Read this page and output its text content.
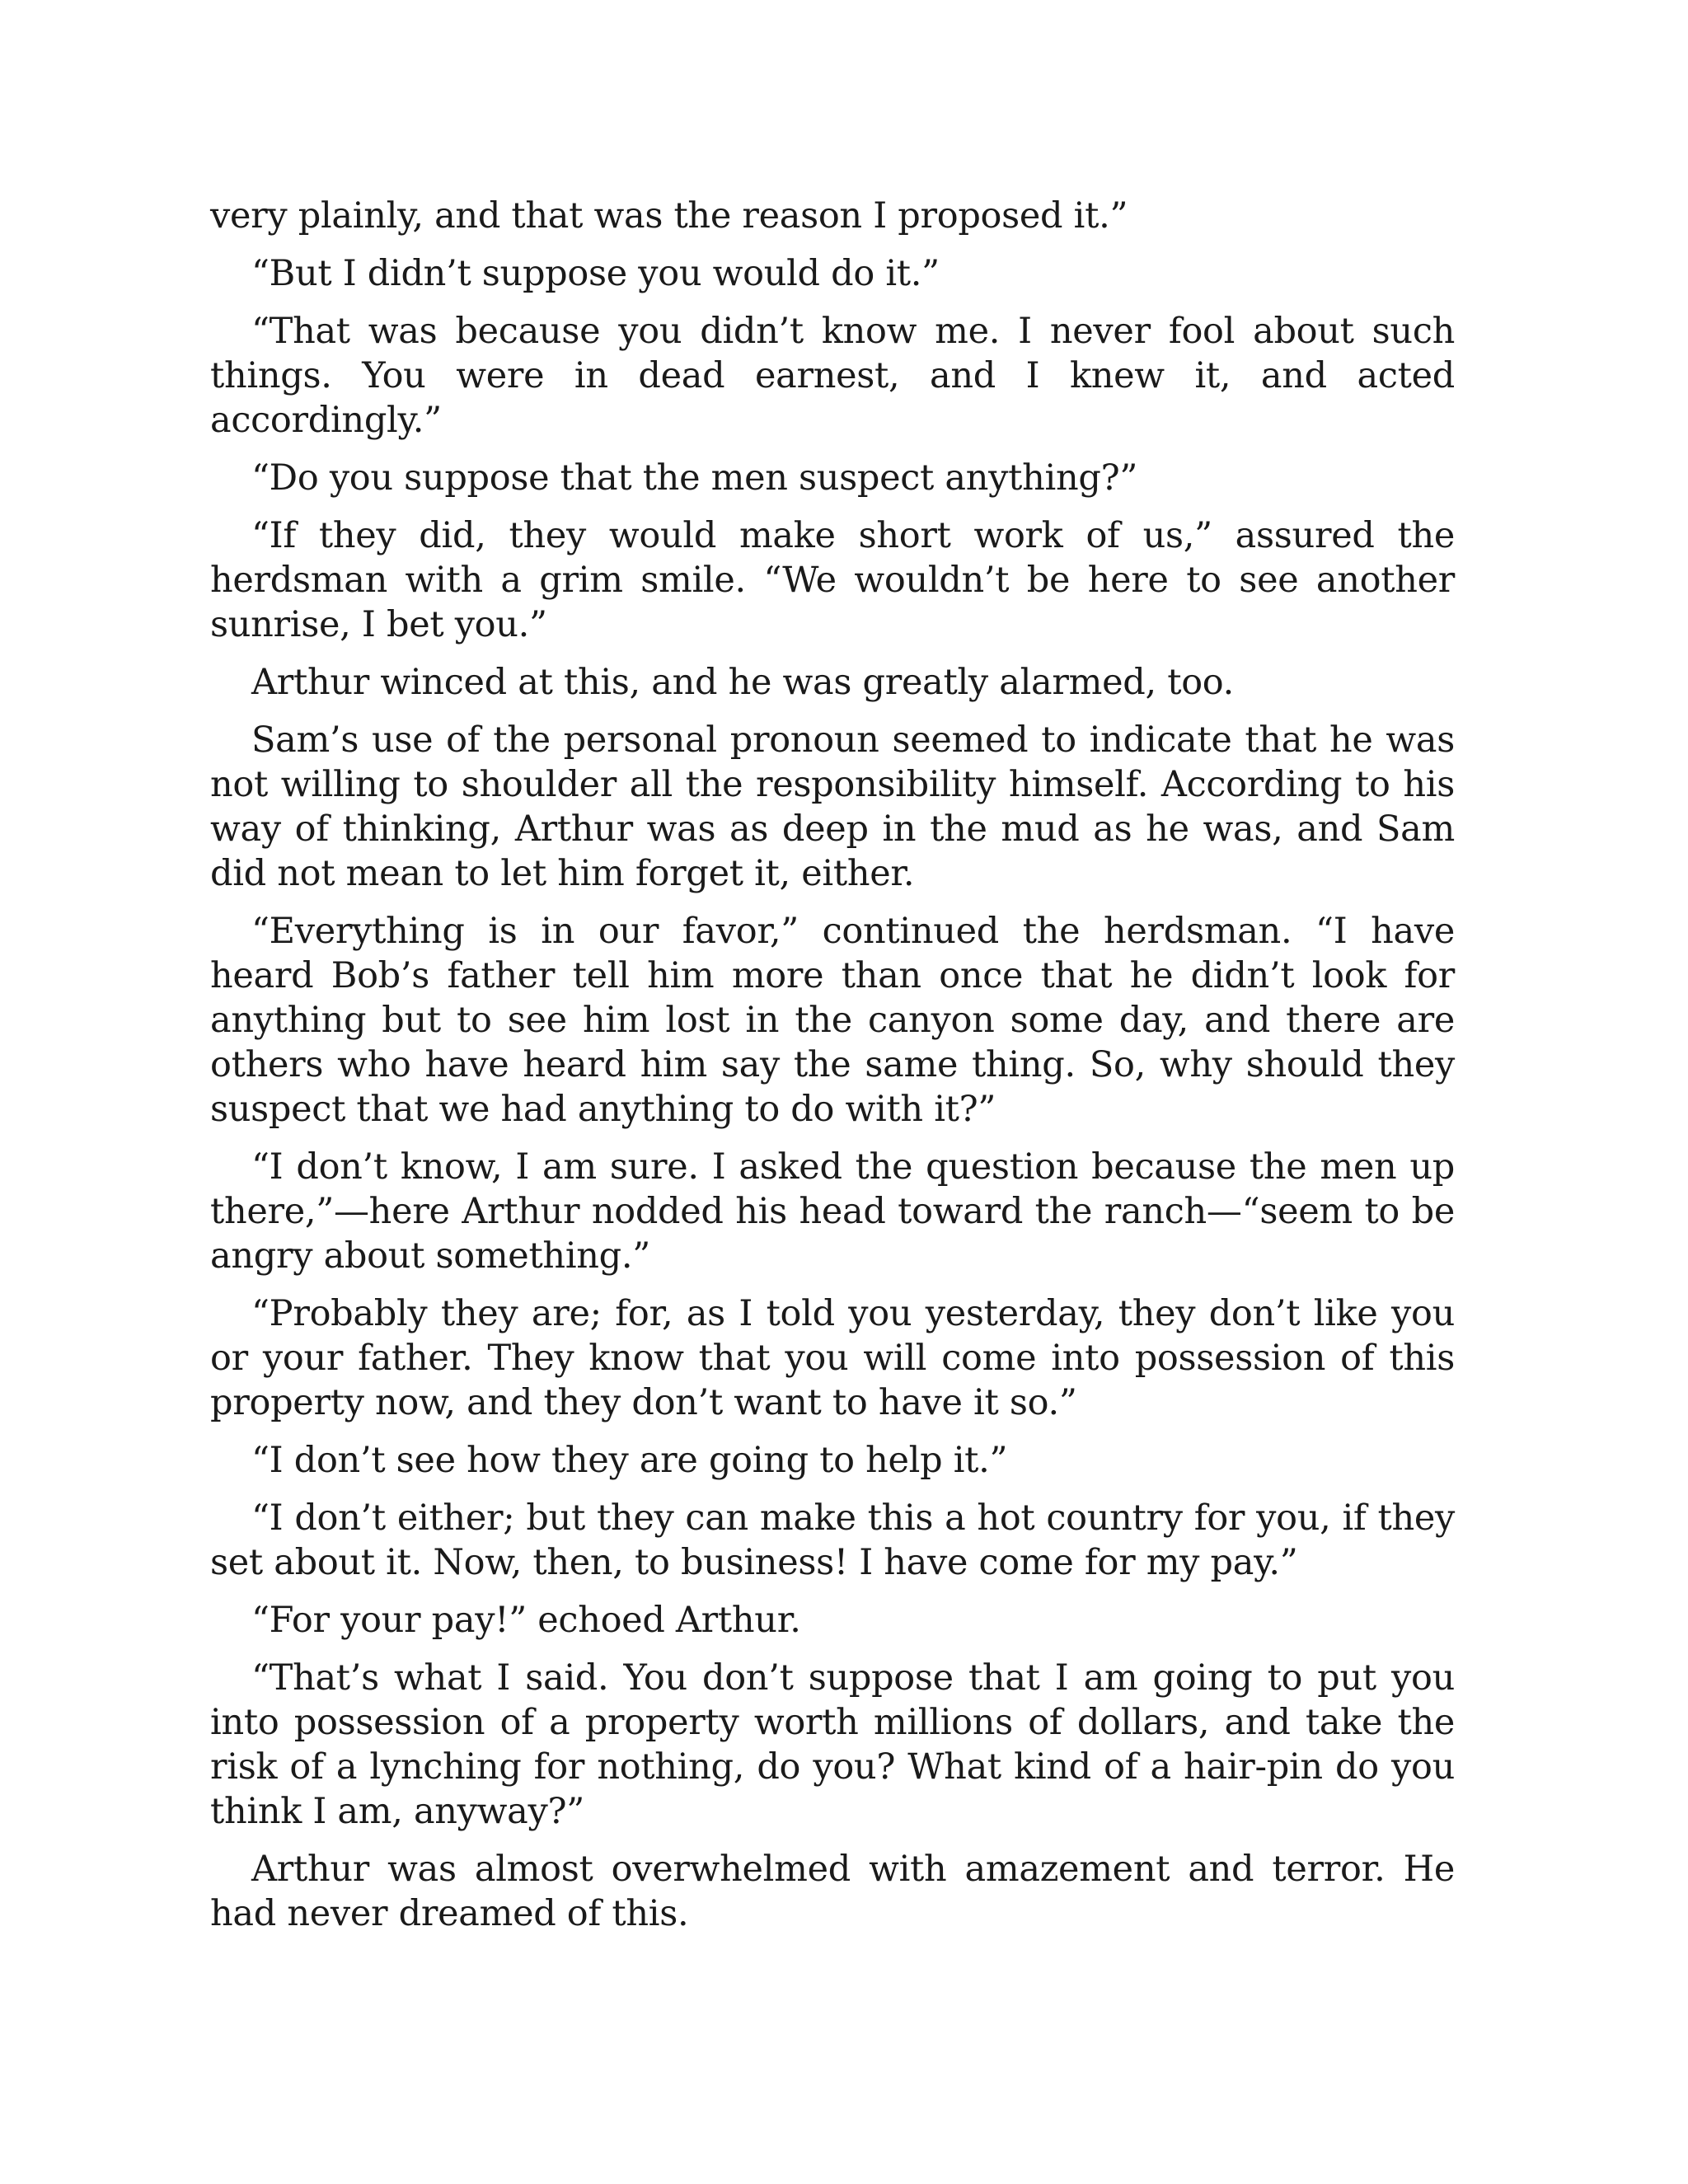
very plainly, and that was the reason I proposed it.”

“But I didn’t suppose you would do it.”

“That was because you didn’t know me. I never fool about such things. You were in dead earnest, and I knew it, and acted accordingly.”

“Do you suppose that the men suspect anything?”

“If they did, they would make short work of us,” assured the herdsman with a grim smile. “We wouldn’t be here to see another sunrise, I bet you.”

Arthur winced at this, and he was greatly alarmed, too.

Sam’s use of the personal pronoun seemed to indicate that he was not willing to shoulder all the responsibility himself. According to his way of thinking, Arthur was as deep in the mud as he was, and Sam did not mean to let him forget it, either.

“Everything is in our favor,” continued the herdsman. “I have heard Bob’s father tell him more than once that he didn’t look for anything but to see him lost in the canyon some day, and there are others who have heard him say the same thing. So, why should they suspect that we had anything to do with it?”

“I don’t know, I am sure. I asked the question because the men up there,”—here Arthur nodded his head toward the ranch—“seem to be angry about something.”

“Probably they are; for, as I told you yesterday, they don’t like you or your father. They know that you will come into possession of this property now, and they don’t want to have it so.”

“I don’t see how they are going to help it.”

“I don’t either; but they can make this a hot country for you, if they set about it. Now, then, to business! I have come for my pay.”

“For your pay!” echoed Arthur.

“That’s what I said. You don’t suppose that I am going to put you into possession of a property worth millions of dollars, and take the risk of a lynching for nothing, do you? What kind of a hair-pin do you think I am, anyway?”

Arthur was almost overwhelmed with amazement and terror. He had never dreamed of this.
